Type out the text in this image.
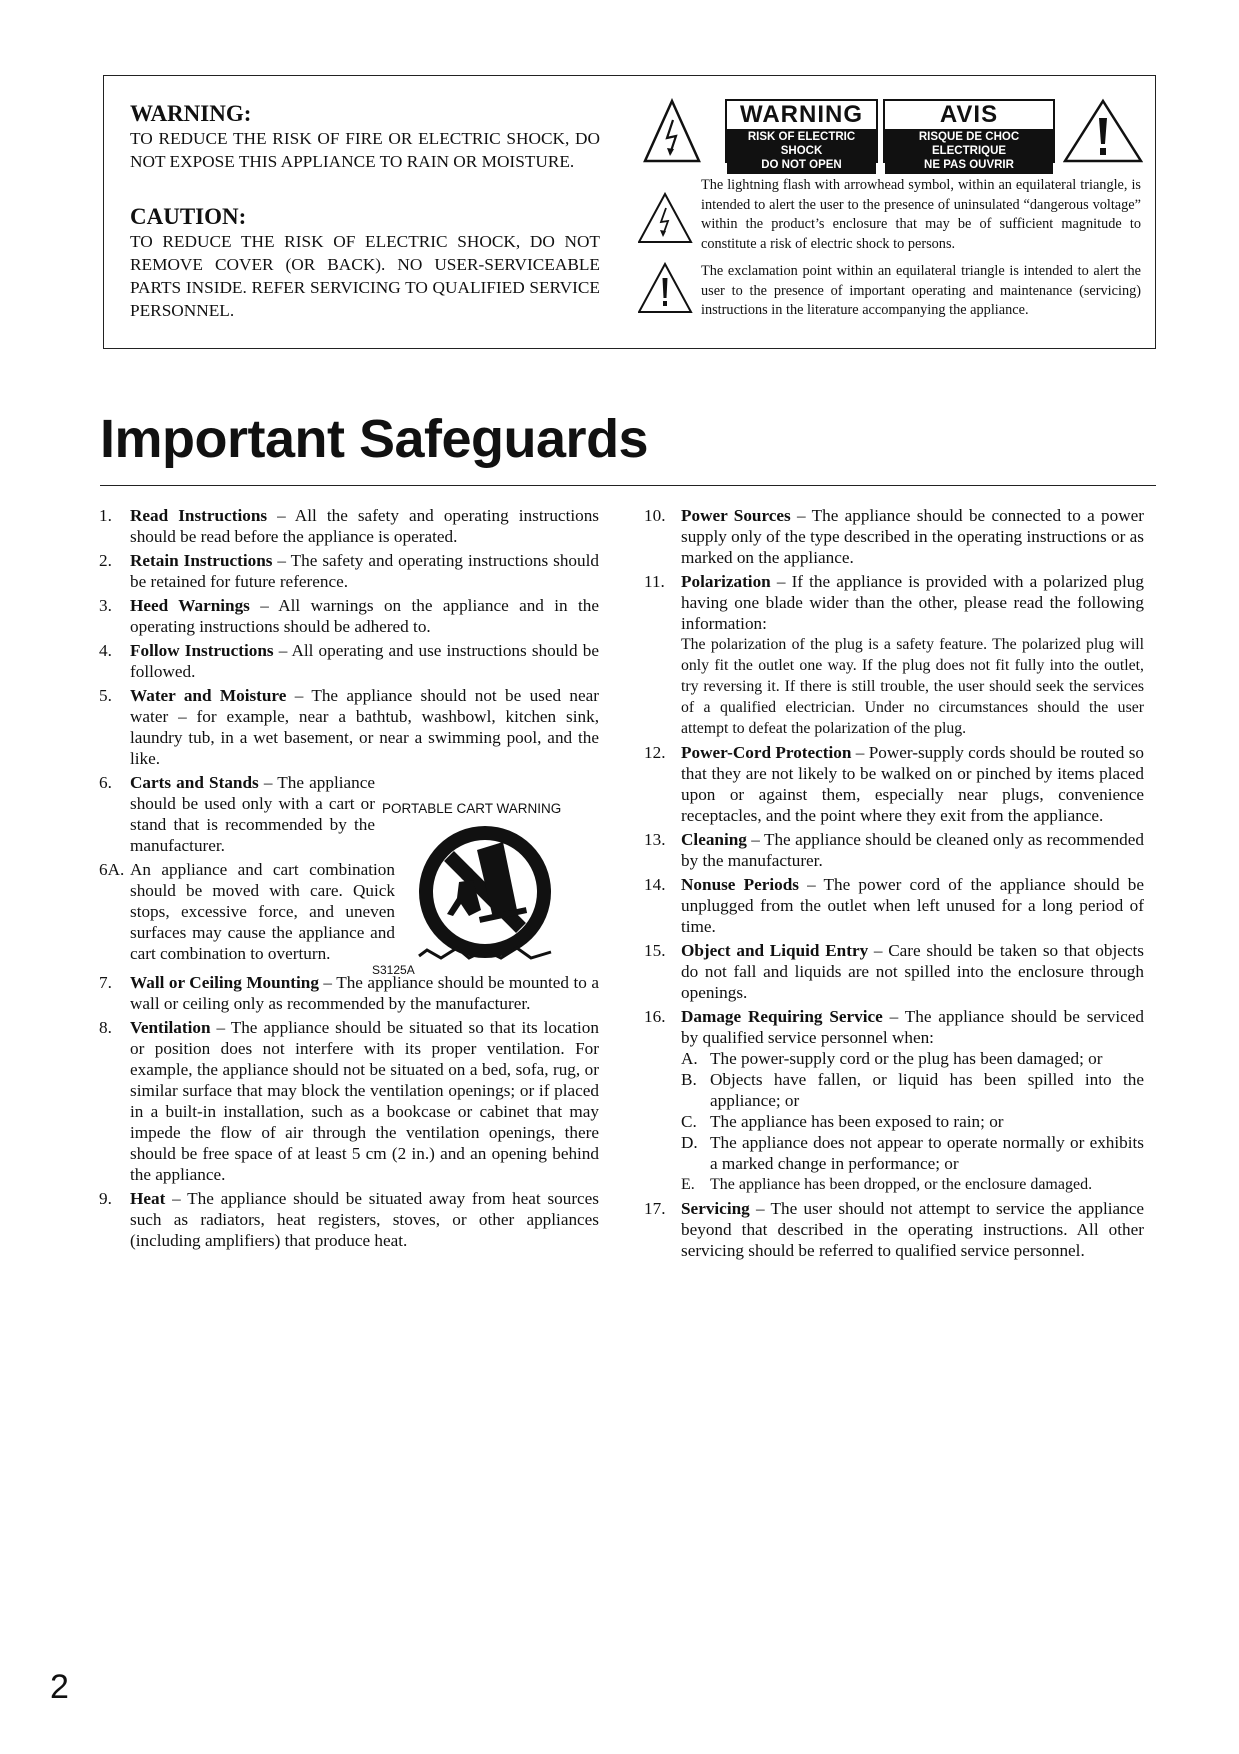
WARNING:
TO REDUCE THE RISK OF FIRE OR ELECTRIC SHOCK, DO NOT EXPOSE THIS APPLIANCE TO RAIN OR MOISTURE.
CAUTION:
TO REDUCE THE RISK OF ELECTRIC SHOCK, DO NOT REMOVE COVER (OR BACK). NO USER-SERVICEABLE PARTS INSIDE. REFER SERVICING TO QUALIFIED SERVICE PERSONNEL.
WARNING
RISK OF ELECTRIC SHOCK
DO NOT OPEN
AVIS
RISQUE DE CHOC ELECTRIQUE
NE PAS OUVRIR
The lightning flash with arrowhead symbol, within an equilateral triangle, is intended to alert the user to the presence of uninsulated “dangerous voltage” within the product’s enclosure that may be of sufficient magnitude to constitute a risk of electric shock to persons.
The exclamation point within an equilateral triangle is intended to alert the user to the presence of important operating and maintenance (servicing) instructions in the literature accompanying the appliance.
Important Safeguards
1. Read Instructions – All the safety and operating instructions should be read before the appliance is operated.
2. Retain Instructions – The safety and operating instructions should be retained for future reference.
3. Heed Warnings – All warnings on the appliance and in the operating instructions should be adhered to.
4. Follow Instructions – All operating and use instructions should be followed.
5. Water and Moisture – The appliance should not be used near water – for example, near a bathtub, washbowl, kitchen sink, laundry tub, in a wet basement, or near a swimming pool, and the like.
6. Carts and Stands – The appliance should be used only with a cart or stand that is recommended by the manufacturer.
6A. An appliance and cart combination should be moved with care. Quick stops, excessive force, and uneven surfaces may cause the appliance and cart combination to overturn.
7. Wall or Ceiling Mounting – The appliance should be mounted to a wall or ceiling only as recommended by the manufacturer.
8. Ventilation – The appliance should be situated so that its location or position does not interfere with its proper ventilation. For example, the appliance should not be situated on a bed, sofa, rug, or similar surface that may block the ventilation openings; or if placed in a built-in installation, such as a bookcase or cabinet that may impede the flow of air through the ventilation openings, there should be free space of at least 5 cm (2 in.) and an opening behind the appliance.
9. Heat – The appliance should be situated away from heat sources such as radiators, heat registers, stoves, or other appliances (including amplifiers) that produce heat.
PORTABLE CART WARNING
S3125A
10. Power Sources – The appliance should be connected to a power supply only of the type described in the operating instructions or as marked on the appliance.
11. Polarization – If the appliance is provided with a polarized plug having one blade wider than the other, please read the following information:
The polarization of the plug is a safety feature. The polarized plug will only fit the outlet one way. If the plug does not fit fully into the outlet, try reversing it. If there is still trouble, the user should seek the services of a qualified electrician. Under no circumstances should the user attempt to defeat the polarization of the plug.
12. Power-Cord Protection – Power-supply cords should be routed so that they are not likely to be walked on or pinched by items placed upon or against them, especially near plugs, convenience receptacles, and the point where they exit from the appliance.
13. Cleaning – The appliance should be cleaned only as recommended by the manufacturer.
14. Nonuse Periods – The power cord of the appliance should be unplugged from the outlet when left unused for a long period of time.
15. Object and Liquid Entry – Care should be taken so that objects do not fall and liquids are not spilled into the enclosure through openings.
16. Damage Requiring Service – The appliance should be serviced by qualified service personnel when:
A. The power-supply cord or the plug has been damaged; or
B. Objects have fallen, or liquid has been spilled into the appliance; or
C. The appliance has been exposed to rain; or
D. The appliance does not appear to operate normally or exhibits a marked change in performance; or
E. The appliance has been dropped, or the enclosure damaged.
17. Servicing – The user should not attempt to service the appliance beyond that described in the operating instructions. All other servicing should be referred to qualified service personnel.
2
